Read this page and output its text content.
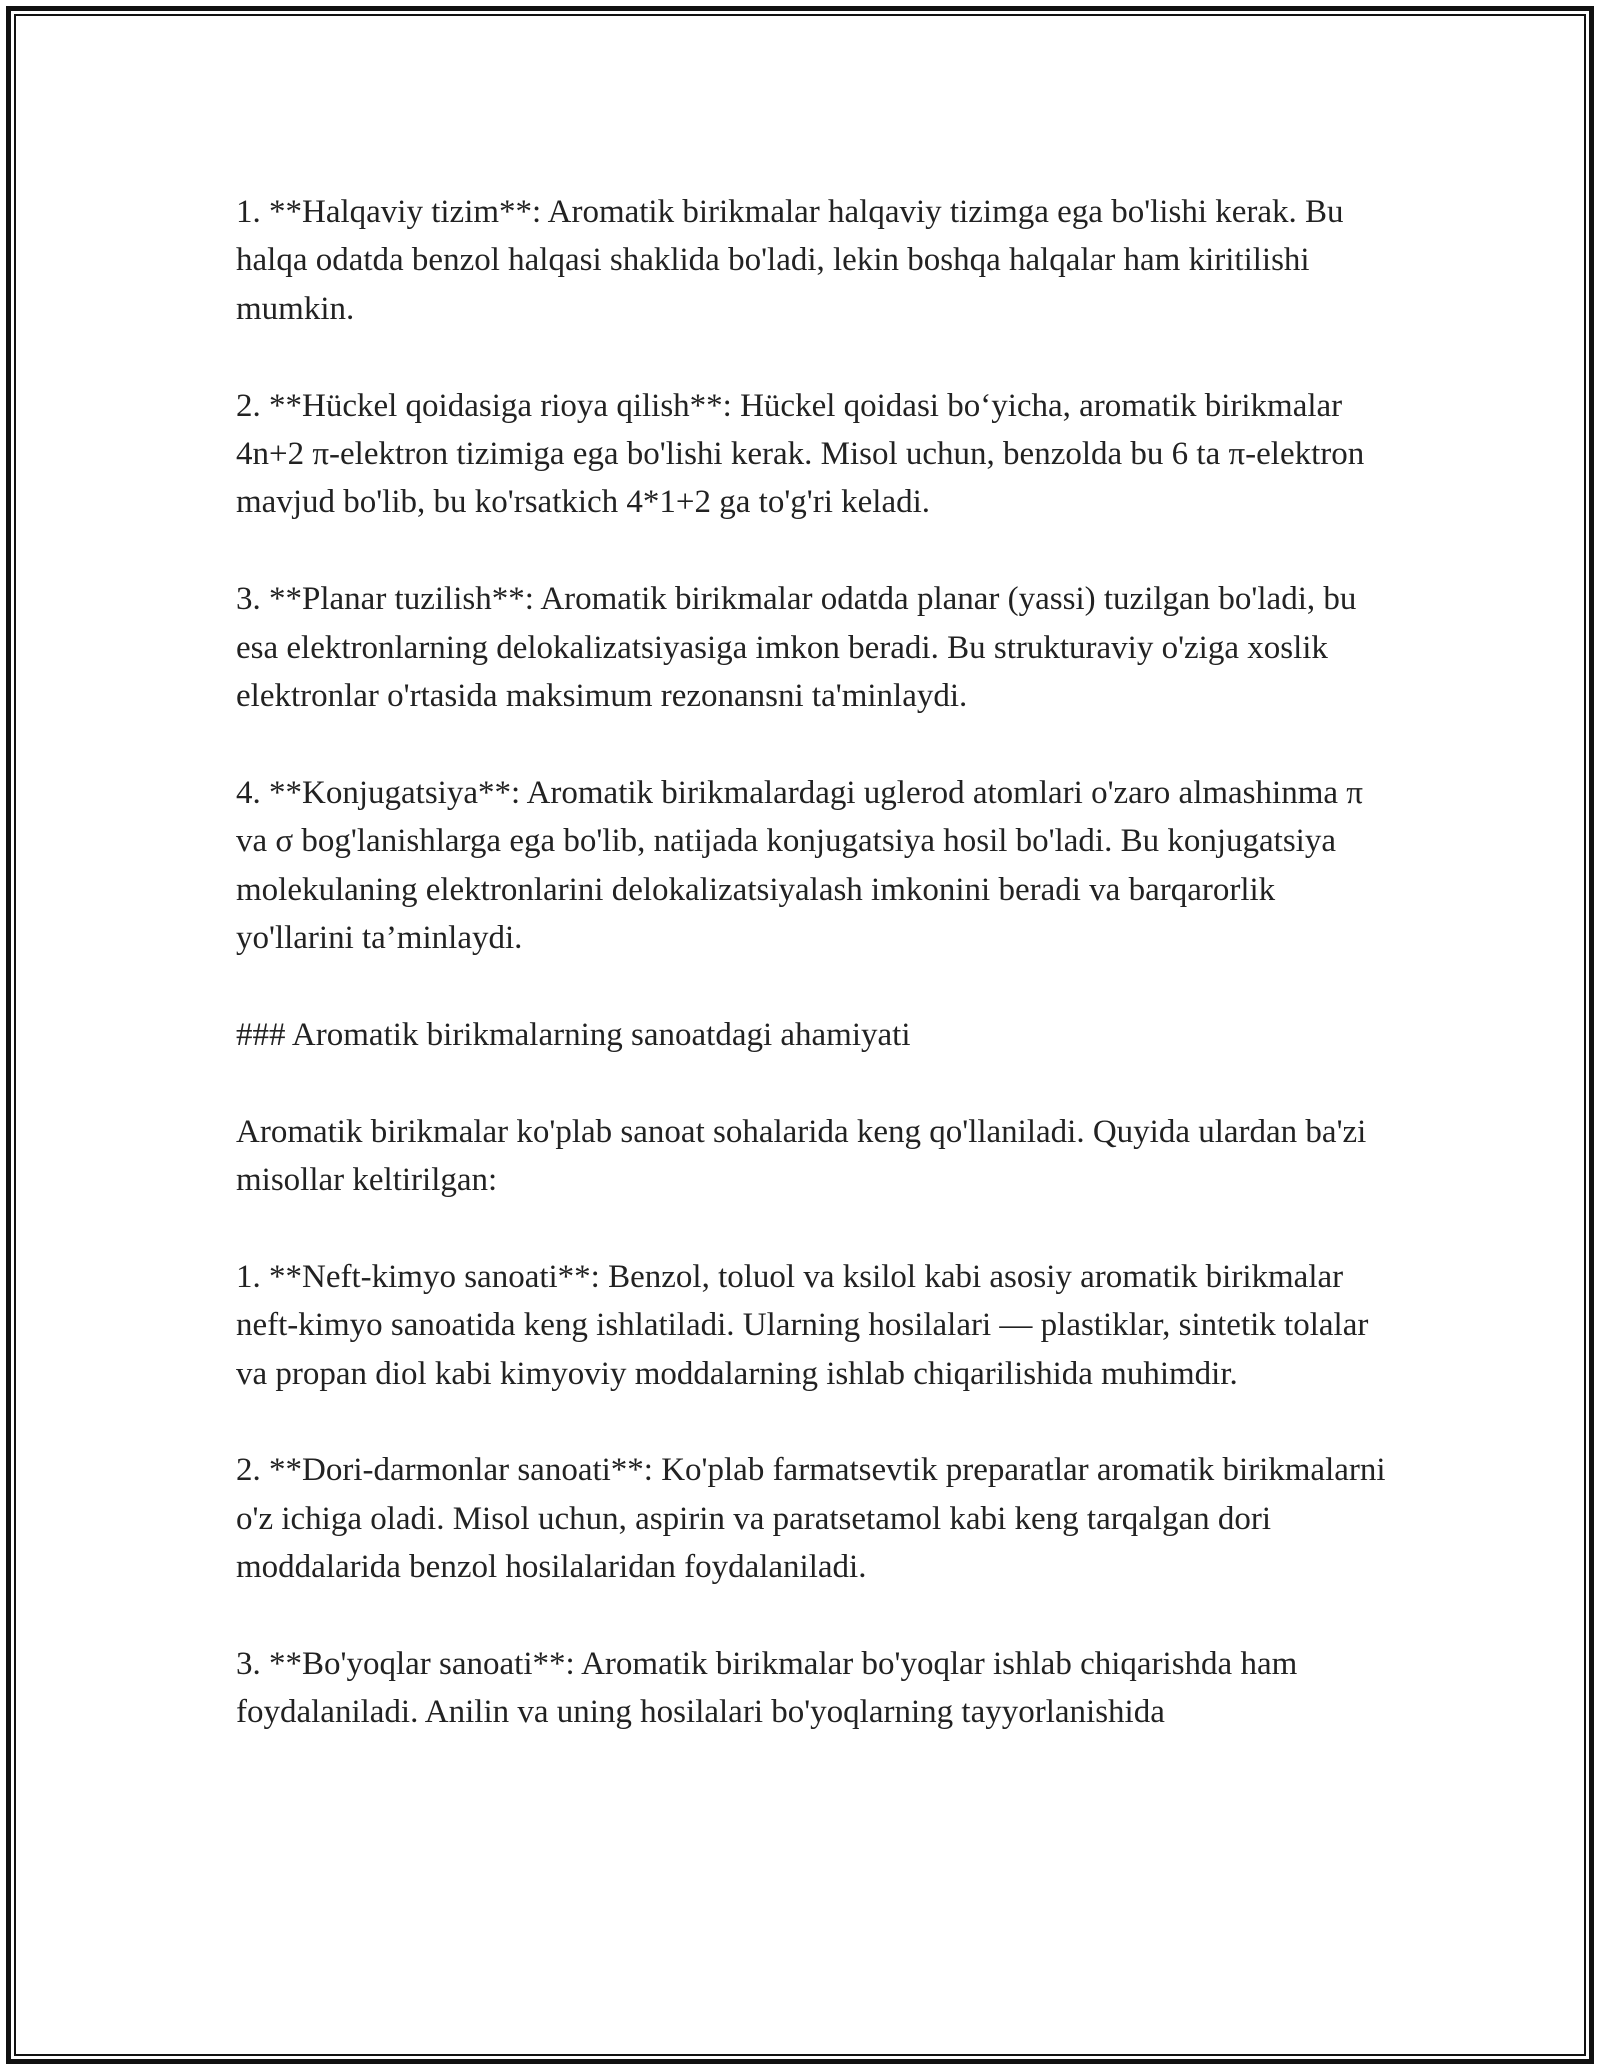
1. **Halqaviy tizim**: Aromatik birikmalar halqaviy tizimga ega bo'lishi kerak. Bu halqa odatda benzol halqasi shaklida bo'ladi, lekin boshqa halqalar ham kiritilishi mumkin.

2. **Hückel qoidasiga rioya qilish**: Hückel qoidasi bo‘yicha, aromatik birikmalar 4n+2 π-elektron tizimiga ega bo'lishi kerak. Misol uchun, benzolda bu 6 ta π-elektron mavjud bo'lib, bu ko'rsatkich 4*1+2 ga to'g'ri keladi.

3. **Planar tuzilish**: Aromatik birikmalar odatda planar (yassi) tuzilgan bo'ladi, bu esa elektronlarning delokalizatsiyasiga imkon beradi. Bu strukturaviy o'ziga xoslik elektronlar o'rtasida maksimum rezonansni ta'minlaydi.

4. **Konjugatsiya**: Aromatik birikmalardagi uglerod atomlari o'zaro almashinma π va σ bog'lanishlarga ega bo'lib, natijada konjugatsiya hosil bo'ladi. Bu konjugatsiya molekulaning elektronlarini delokalizatsiyalash imkonini beradi va barqarorlik yo'llarini ta’minlaydi.

### Aromatik birikmalarning sanoatdagi ahamiyati

Aromatik birikmalar ko'plab sanoat sohalarida keng qo'llaniladi. Quyida ulardan ba'zi misollar keltirilgan:

1. **Neft-kimyo sanoati**: Benzol, toluol va ksilol kabi asosiy aromatik birikmalar neft-kimyo sanoatida keng ishlatiladi. Ularning hosilalari — plastiklar, sintetik tolalar va propan diol kabi kimyoviy moddalarning ishlab chiqarilishida muhimdir.

2. **Dori-darmonlar sanoati**: Ko'plab farmatsevtik preparatlar aromatik birikmalarni o'z ichiga oladi. Misol uchun, aspirin va paratsetamol kabi keng tarqalgan dori moddalarida benzol hosilalaridan foydalaniladi.

3. **Bo'yoqlar sanoati**: Aromatik birikmalar bo'yoqlar ishlab chiqarishda ham foydalaniladi. Anilin va uning hosilalari bo'yoqlarning tayyorlanishida
